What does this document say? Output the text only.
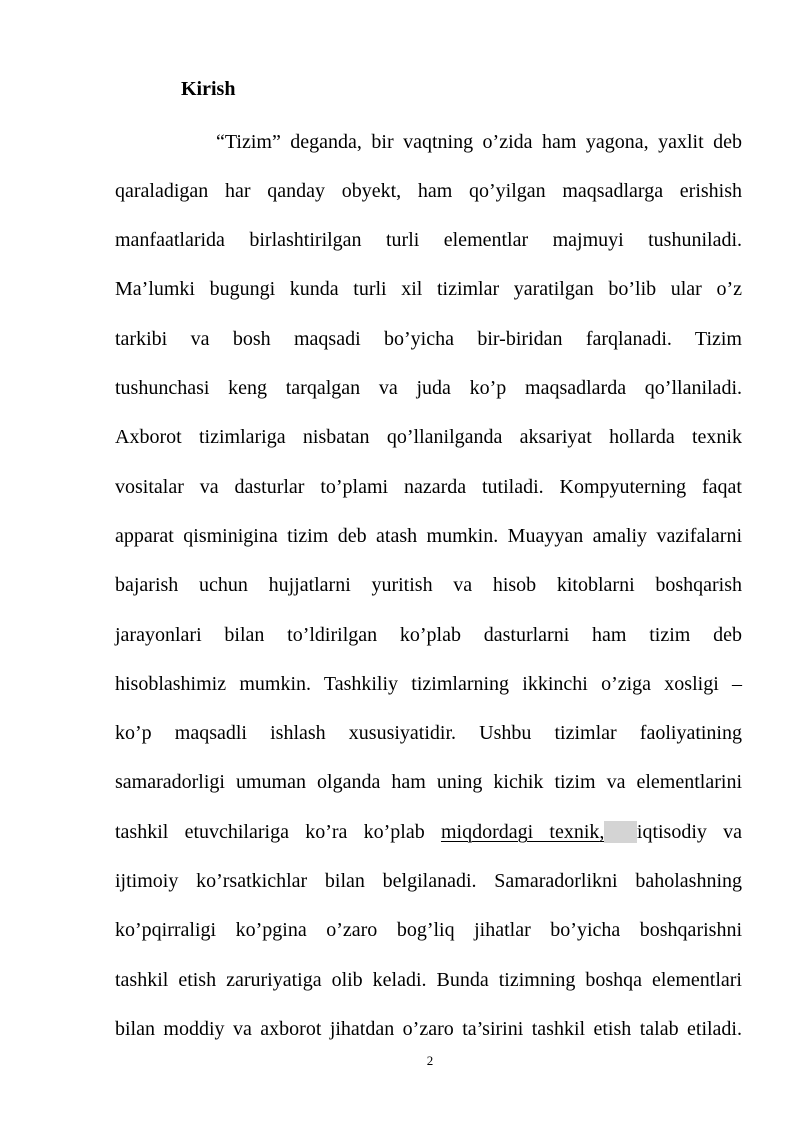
Kirish
“Tizim” deganda, bir vaqtning o’zida ham yagona, yaxlit deb
qaraladigan har qanday obyekt, ham qo’yilgan maqsadlarga erishish
manfaatlarida birlashtirilgan turli elementlar majmuyi tushuniladi.
Ma’lumki bugungi kunda turli xil tizimlar yaratilgan bo’lib ular o’z
tarkibi va bosh maqsadi bo’yicha bir-biridan farqlanadi. Tizim
tushunchasi keng tarqalgan va juda ko’p maqsadlarda qo’llaniladi.
Axborot tizimlariga nisbatan qo’llanilganda aksariyat hollarda texnik
vositalar va dasturlar to’plami nazarda tutiladi. Kompyuterning faqat
apparat qisminigina tizim deb atash mumkin. Muayyan amaliy vazifalarni
bajarish uchun hujjatlarni yuritish va hisob kitoblarni boshqarish
jarayonlari bilan to’ldirilgan ko’plab dasturlarni ham tizim deb
hisoblashimiz mumkin. Tashkiliy tizimlarning ikkinchi o’ziga xosligi –
ko’p maqsadli ishlash xususiyatidir. Ushbu tizimlar faoliyatining
samaradorligi umuman olganda ham uning kichik tizim va elementlarini
tashkil etuvchilariga ko’ra ko’plab miqdordagi texnik, iqtisodiy va
ijtimoiy ko’rsatkichlar bilan belgilanadi. Samaradorlikni baholashning
ko’pqirraligi ko’pgina o’zaro bog’liq jihatlar bo’yicha boshqarishni
tashkil etish zaruriyatiga olib keladi. Bunda tizimning boshqa elementlari
bilan moddiy va axborot jihatdan o’zaro ta’sirini tashkil etish talab etiladi.

2
